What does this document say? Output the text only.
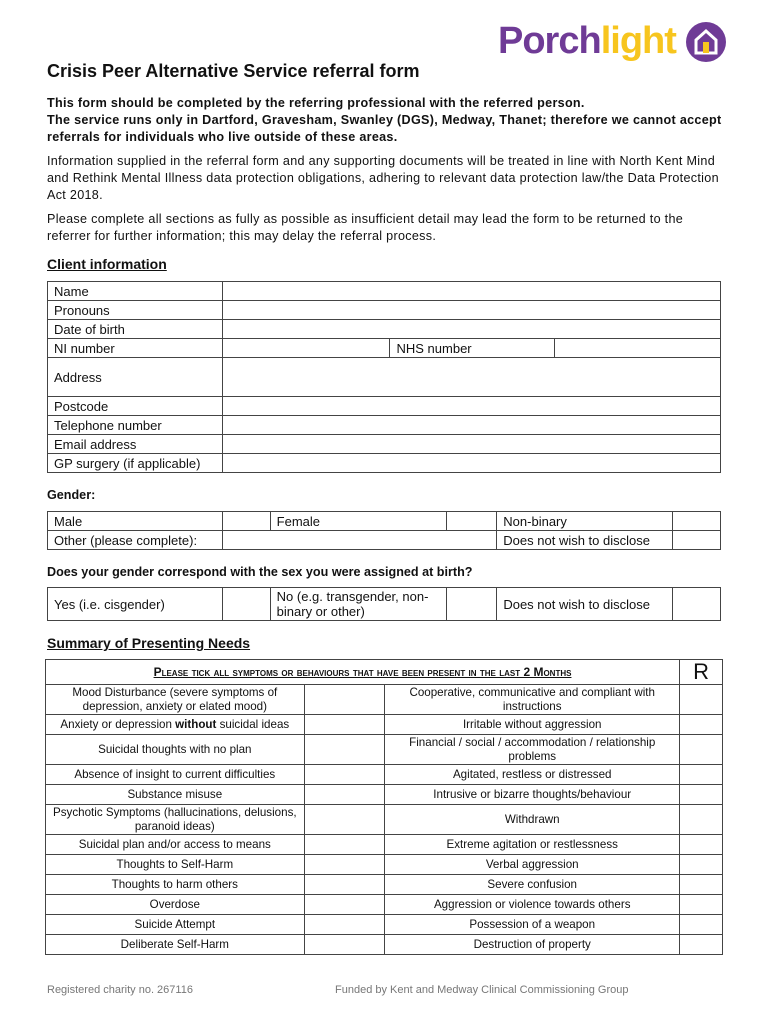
Porch light
Crisis Peer Alternative Service referral form

This form should be completed by the referring professional with the referred person.
The service runs only in Dartford, Gravesham, Swanley (DGS), Medway, Thanet; therefore we cannot accept referrals for individuals who live outside of these areas.

Information supplied in the referral form and any supporting documents will be treated in line with North Kent Mind and Rethink Mental Illness data protection obligations, adhering to relevant data protection law/the Data Protection Act 2018.

Please complete all sections as fully as possible as insufficient detail may lead the form to be returned to the referrer for further information; this may delay the referral process.

Client information
Name			
Pronouns			
Date of birth			
NI number		NHS number	
Address			
Postcode			
Telephone number			
Email address			
GP surgery (if applicable)			
Gender:
Male		Female		Non-binary	
Other (please complete):				Does not wish to disclose	
Does your gender correspond with the sex you were assigned at birth?
Yes (i.e. cisgender)		No (e.g. transgender, non-binary or other)		Does not wish to disclose	
Summary of Presenting Needs
Please tick all symptoms or behaviours that have been present in the last 2 Months			R
Mood Disturbance (severe symptoms of depression, anxiety or elated mood)		Cooperative, communicative and compliant with instructions	
Anxiety or depression without suicidal ideas		Irritable without aggression	
Suicidal thoughts with no plan		Financial / social / accommodation / relationship problems	
Absence of insight to current difficulties		Agitated, restless or distressed	
Substance misuse		Intrusive or bizarre thoughts/behaviour	
Psychotic Symptoms (hallucinations, delusions, paranoid ideas)		Withdrawn	
Suicidal plan and/or access to means		Extreme agitation or restlessness	
Thoughts to Self-Harm		Verbal aggression	
Thoughts to harm others		Severe confusion	
Overdose		Aggression or violence towards others	
Suicide Attempt		Possession of a weapon	
Deliberate Self-Harm		Destruction of property	
Registered charity no. 267116	Funded by Kent and Medway Clinical Commissioning Group
